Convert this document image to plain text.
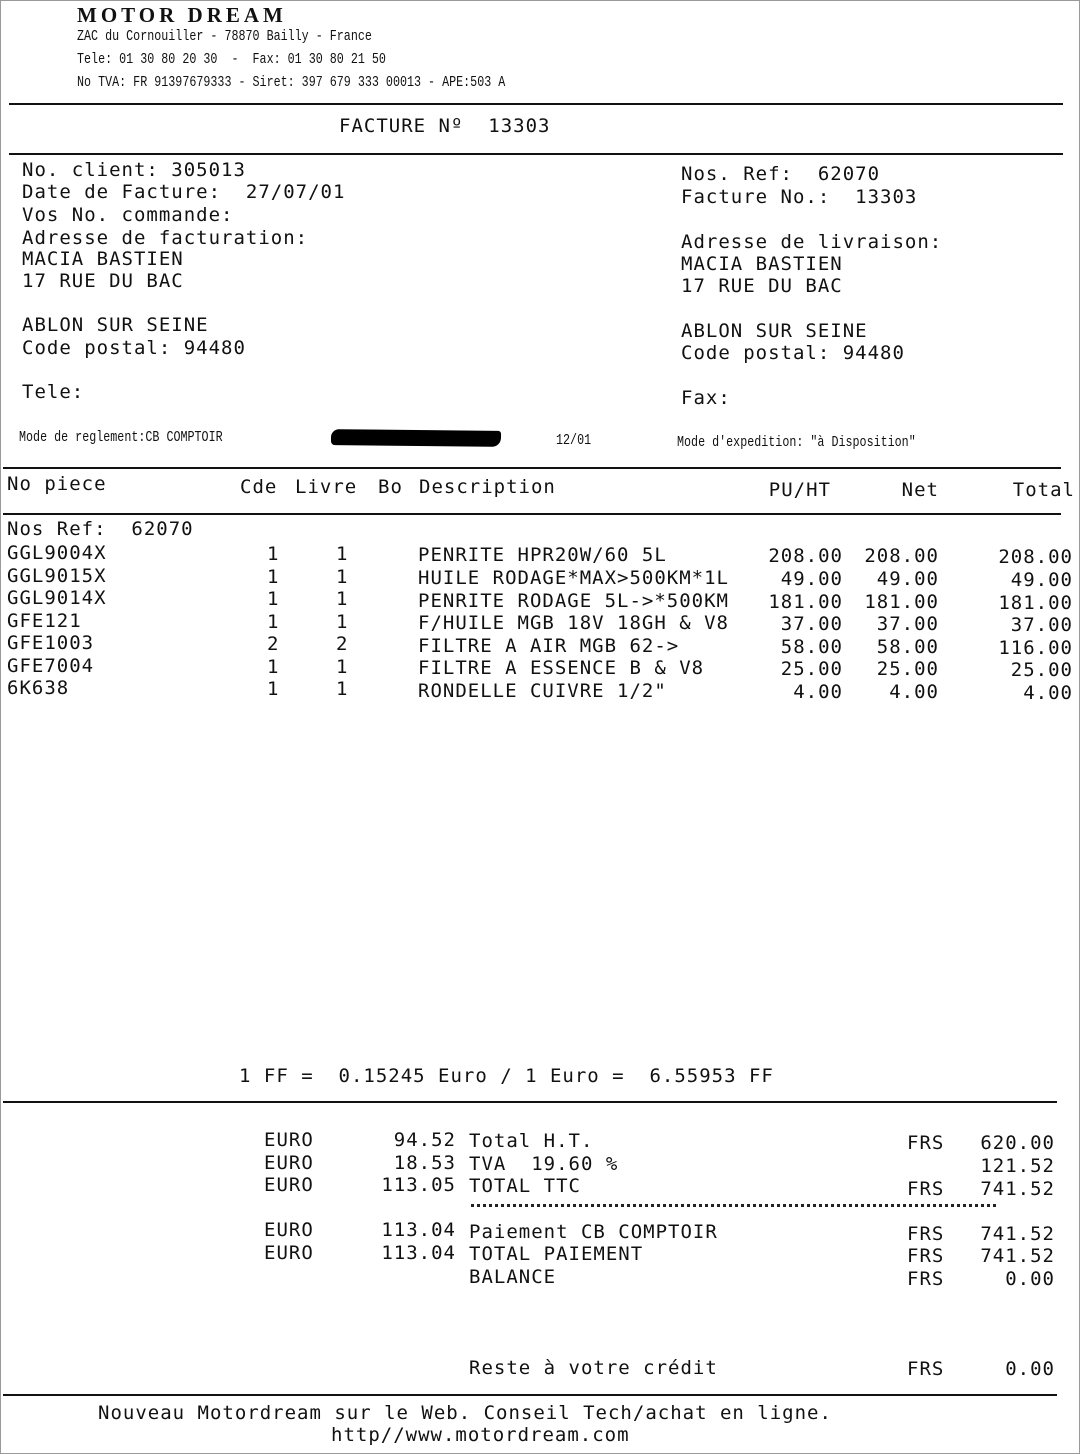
MOTOR DREAM
ZAC du Cornouiller - 78870 Bailly - France
Tele: 01 30 80 20 30  -  Fax: 01 30 80 21 50
No TVA: FR 91397679333 - Siret: 397 679 333 00013 - APE:503 A
FACTURE Nº  13303
No. client: 305013
Date de Facture:  27/07/01
Vos No. commande:
Adresse de facturation:
MACIA BASTIEN
17 RUE DU BAC
ABLON SUR SEINE
Code postal: 94480
Tele:
Nos. Ref:  62070
Facture No.:  13303
Adresse de livraison:
MACIA BASTIEN
17 RUE DU BAC
ABLON SUR SEINE
Code postal: 94480
Fax:
Mode de reglement:CB COMPTOIR	12/01	Mode d'expedition: "à Disposition"
No piece	Cde Livre Bo Description	PU/HT	Net	Total
Nos Ref:  62070
GGL9004X	1	1	PENRITE HPR20W/60 5L	208.00	208.00	208.00
GGL9015X	1	1	HUILE RODAGE*MAX>500KM*1L	49.00	49.00	49.00
GGL9014X	1	1	PENRITE RODAGE 5L->*500KM	181.00	181.00	181.00
GFE121	1	1	F/HUILE MGB 18V 18GH & V8	37.00	37.00	37.00
GFE1003	2	2	FILTRE A AIR MGB 62->	58.00	58.00	116.00
GFE7004	1	1	FILTRE A ESSENCE B & V8	25.00	25.00	25.00
6K638	1	1	RONDELLE CUIVRE 1/2"	4.00	4.00	4.00
1 FF =  0.15245 Euro / 1 Euro =  6.55953 FF
EURO	94.52 Total H.T.	FRS	620.00
EURO	18.53 TVA  19.60 %	121.52
EURO	113.05 TOTAL TTC	FRS	741.52
EURO	113.04 Paiement CB COMPTOIR	FRS	741.52
EURO	113.04 TOTAL PAIEMENT	FRS	741.52
BALANCE	FRS	0.00
Reste à votre crédit	FRS	0.00
Nouveau Motordream sur le Web. Conseil Tech/achat en ligne.
http//www.motordream.com
